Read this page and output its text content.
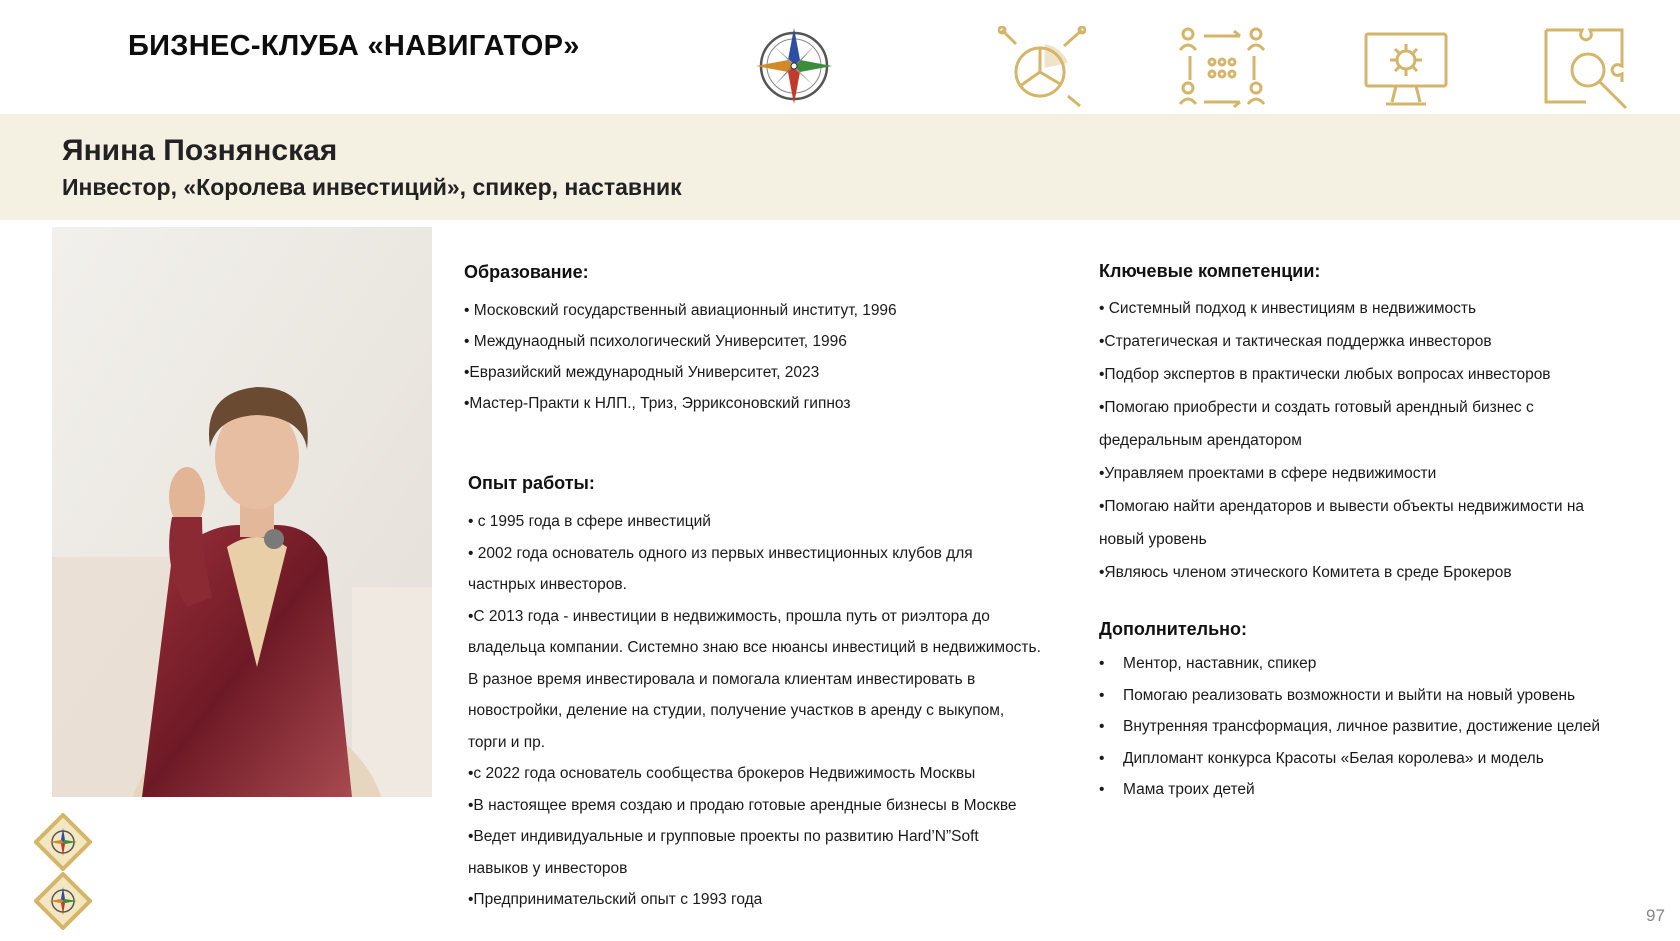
БИЗНЕС-КЛУБА «НАВИГАТОР»
Янина Познянская
Инвестор, «Королева инвестиций», спикер, наставник
Образование:
• Московский государственный авиационный институт, 1996
• Междунаодный психологический Университет, 1996
•Евразийский международный Университет, 2023
•Мастер-Практи к НЛП., Триз, Эрриксоновский гипноз
Опыт работы:
• с 1995 года в сфере инвестиций
• 2002 года основатель одного из первых инвестиционных клубов для
частнрых инвесторов.
•С 2013 года - инвестиции в недвижимость, прошла путь от риэлтора до
владельца компании. Системно знаю все нюансы инвестиций в недвижимость.
В разное время инвестировала и помогала клиентам инвестировать в
новостройки, деление на студии, получение участков в аренду с выкупом,
торги и пр.
•с 2022 года основатель сообщества брокеров Недвижимость Москвы
•В настоящее время создаю и продаю готовые арендные бизнесы в Москве
•Ведет индивидуальные и групповые проекты по развитию Hard’N”Soft
навыков у инвесторов
•Предпринимательский опыт с 1993 года
Ключевые компетенции:
• Системный подход к инвестициям в недвижимость
•Стратегическая и тактическая поддержка инвесторов
•Подбор экспертов в практически любых вопросах инвесторов
•Помогаю приобрести и создать готовый арендный бизнес с
федеральным арендатором
•Управляем проектами в сфере недвижимости
•Помогаю найти арендаторов и вывести объекты недвижимости на
новый уровень
•Являюсь членом этического Комитета в среде Брокеров
Дополнительно:
• Ментор, наставник, спикер
• Помогаю реализовать возможности и выйти на новый уровень
• Внутренняя трансформация, личное развитие, достижение целей
• Дипломант конкурса Красоты «Белая королева» и модель
• Мама троих детей
97
